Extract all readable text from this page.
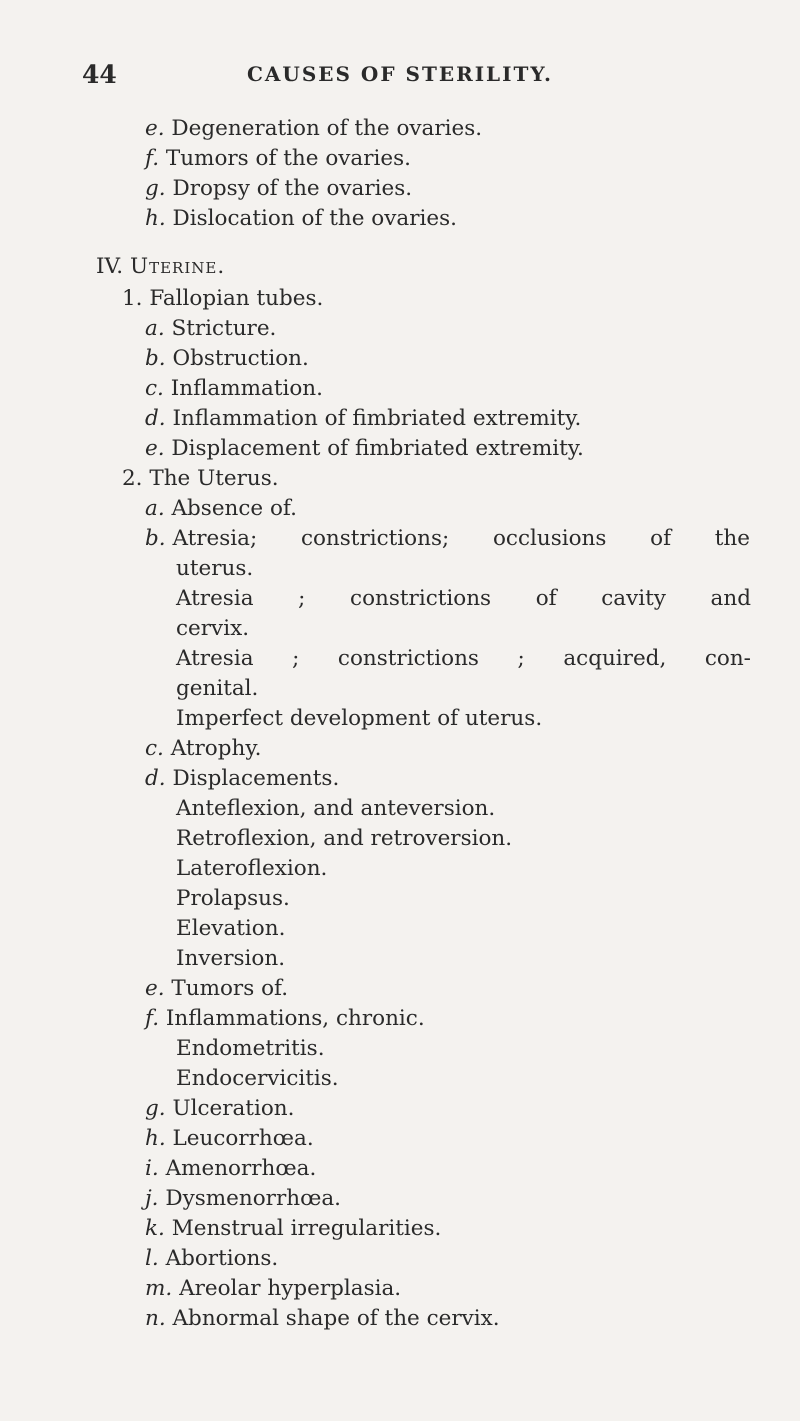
44	CAUSES OF STERILITY.
e. Degeneration of the ovaries.
f. Tumors of the ovaries.
g. Dropsy of the ovaries.
h. Dislocation of the ovaries.
IV. Uterine.
1. Fallopian tubes.
a. Stricture.
b. Obstruction.
c. Inflammation.
d. Inflammation of fimbriated extremity.
e. Displacement of fimbriated extremity.
2. The Uterus.
a. Absence of.
b. Atresia; constrictions; occlusions of the
uterus.
Atresia ; constrictions of cavity and
cervix.
Atresia ; constrictions ; acquired, con-
genital.
Imperfect development of uterus.
c. Atrophy.
d. Displacements.
Anteflexion, and anteversion.
Retroflexion, and retroversion.
Lateroflexion.
Prolapsus.
Elevation.
Inversion.
e. Tumors of.
f. Inflammations, chronic.
Endometritis.
Endocervicitis.
g. Ulceration.
h. Leucorrhœa.
i. Amenorrhœa.
j. Dysmenorrhœa.
k. Menstrual irregularities.
l. Abortions.
m. Areolar hyperplasia.
n. Abnormal shape of the cervix.
